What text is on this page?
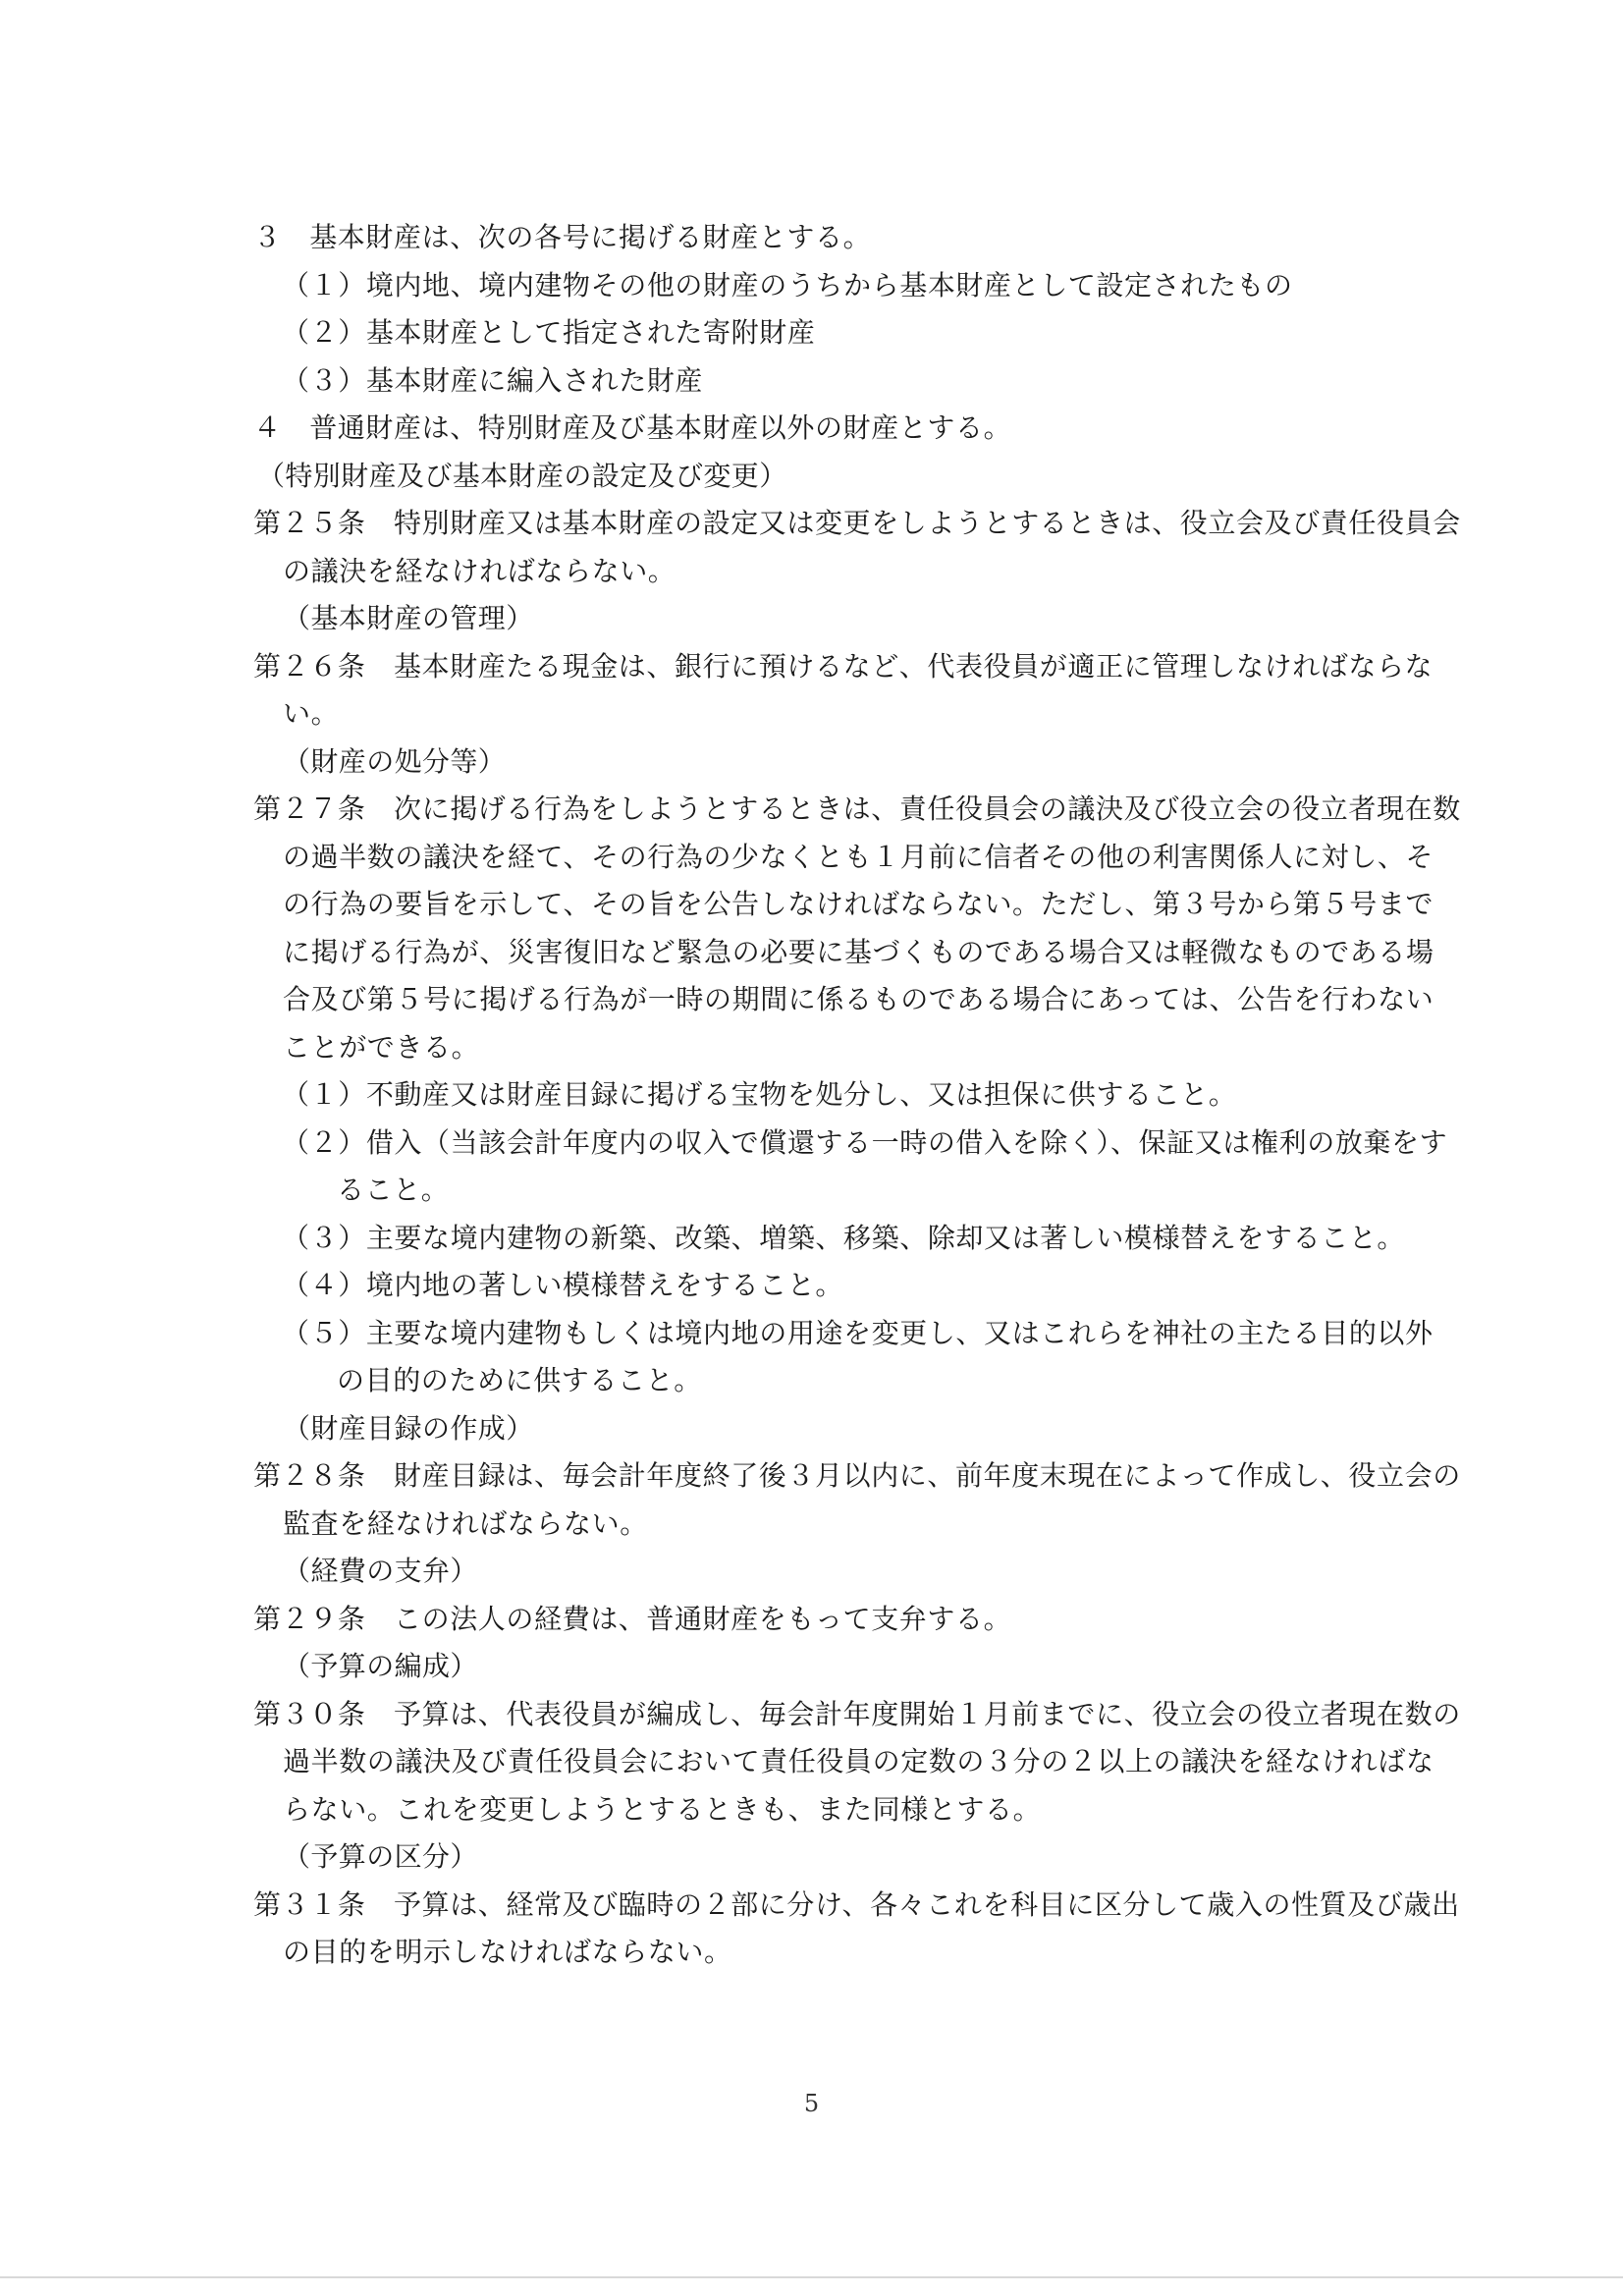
３　基本財産は、次の各号に掲げる財産とする。
（１）境内地、境内建物その他の財産のうちから基本財産として設定されたもの
（２）基本財産として指定された寄附財産
（３）基本財産に編入された財産
４　普通財産は、特別財産及び基本財産以外の財産とする。
（特別財産及び基本財産の設定及び変更）
第２５条　特別財産又は基本財産の設定又は変更をしようとするときは、役立会及び責任役員会の議決を経なければならない。
（基本財産の管理）
第２６条　基本財産たる現金は、銀行に預けるなど、代表役員が適正に管理しなければならない。
（財産の処分等）
第２７条　次に掲げる行為をしようとするときは、責任役員会の議決及び役立会の役立者現在数の過半数の議決を経て、その行為の少なくとも１月前に信者その他の利害関係人に対し、その行為の要旨を示して、その旨を公告しなければならない。ただし、第３号から第５号までに掲げる行為が、災害復旧など緊急の必要に基づくものである場合又は軽微なものである場合及び第５号に掲げる行為が一時の期間に係るものである場合にあっては、公告を行わないことができる。
（１）不動産又は財産目録に掲げる宝物を処分し、又は担保に供すること。
（２）借入（当該会計年度内の収入で償還する一時の借入を除く）、保証又は権利の放棄をすること。
（３）主要な境内建物の新築、改築、増築、移築、除却又は著しい模様替えをすること。
（４）境内地の著しい模様替えをすること。
（５）主要な境内建物もしくは境内地の用途を変更し、又はこれらを神社の主たる目的以外の目的のために供すること。
（財産目録の作成）
第２８条　財産目録は、毎会計年度終了後３月以内に、前年度末現在によって作成し、役立会の監査を経なければならない。
（経費の支弁）
第２９条　この法人の経費は、普通財産をもって支弁する。
（予算の編成）
第３０条　予算は、代表役員が編成し、毎会計年度開始１月前までに、役立会の役立者現在数の過半数の議決及び責任役員会において責任役員の定数の３分の２以上の議決を経なければならない。これを変更しようとするときも、また同様とする。
（予算の区分）
第３１条　予算は、経常及び臨時の２部に分け、各々これを科目に区分して歳入の性質及び歳出の目的を明示しなければならない。
5
